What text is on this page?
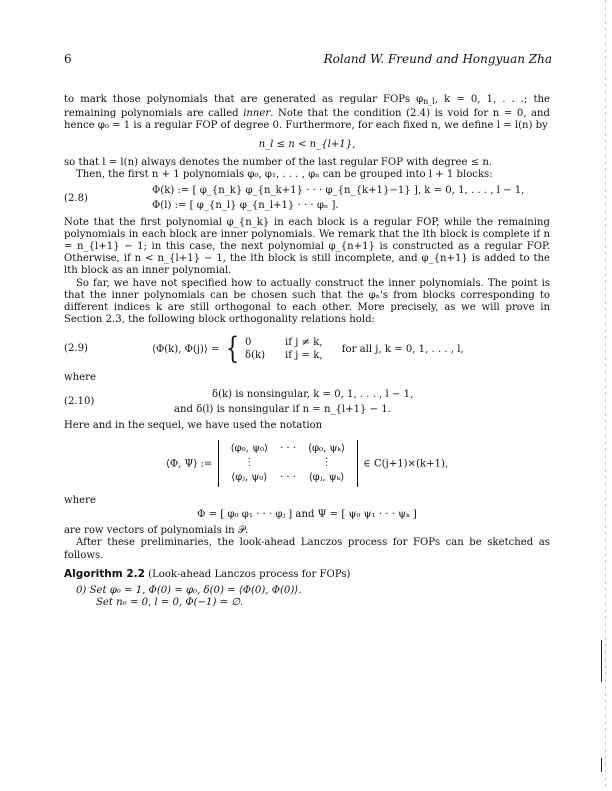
6	Roland W. Freund and Hongyuan Zha

to mark those polynomials that are generated as regular FOPs φn_l, k = 0, 1, . . .; the remaining polynomials are called inner. Note that the condition (2.4) is void for n = 0, and hence φ₀ = 1 is a regular FOP of degree 0. Furthermore, for each fixed n, we define l = l(n) by

n_l ≤ n < n_{l+1},

so that l = l(n) always denotes the number of the last regular FOP with degree ≤ n.

Then, the first n + 1 polynomials φ₀, φ₁, . . . , φₙ can be grouped into l + 1 blocks:

(2.8)	
Φ(k) := [ φ_{n_k} φ_{n_k+1} · · · φ_{n_{k+1}−1} ], k = 0, 1, . . . , l − 1,
Φ(l) := [ φ_{n_l} φ_{n_l+1} · · · φₙ ].

Note that the first polynomial φ_{n_k} in each block is a regular FOP, while the remaining polynomials in each block are inner polynomials. We remark that the lth block is complete if n = n_{l+1} − 1; in this case, the next polynomial φ_{n+1} is constructed as a regular FOP. Otherwise, if n < n_{l+1} − 1, the lth block is still incomplete, and φ_{n+1} is added to the lth block as an inner polynomial.

So far, we have not specified how to actually construct the inner polynomials. The point is that the inner polynomials can be chosen such that the φₙ's from blocks corresponding to different indices k are still orthogonal to each other. More precisely, as we will prove in Section 2.3, the following block orthogonality relations hold:

(2.9)	⟨Φ(k), Φ(j)⟩ = { 0	if j ≠ k,
δ(k) if j = k,
for all j, k = 0, 1, . . . , l,

where

(2.10)	
δ(k) is nonsingular, k = 0, 1, . . . , l − 1,
and δ(l) is nonsingular if n = n_{l+1} − 1.

Here and in the sequel, we have used the notation

⟨Φ, Ψ⟩ :=
⟨φ₀, ψ₀⟩	· · ·	⟨φ₀, ψₖ⟩
⋮		⋮
⟨φⱼ, ψ₀⟩	· · ·	⟨φⱼ, ψₖ⟩
∈ C(j+1)×(k+1),

where

Φ = [ φ₀ φ₁ · · · φⱼ ] and Ψ = [ ψ₀ ψ₁ · · · ψₖ ]

are row vectors of polynomials in 𝒫.

After these preliminaries, the look-ahead Lanczos process for FOPs can be sketched as follows.

Algorithm 2.2 (Look-ahead Lanczos process for FOPs)

0) Set φ₀ = 1, Φ(0) = φ₀, δ(0) = ⟨Φ(0), Φ(0)⟩.

Set n₀ = 0, l = 0, Φ(−1) = ∅.
